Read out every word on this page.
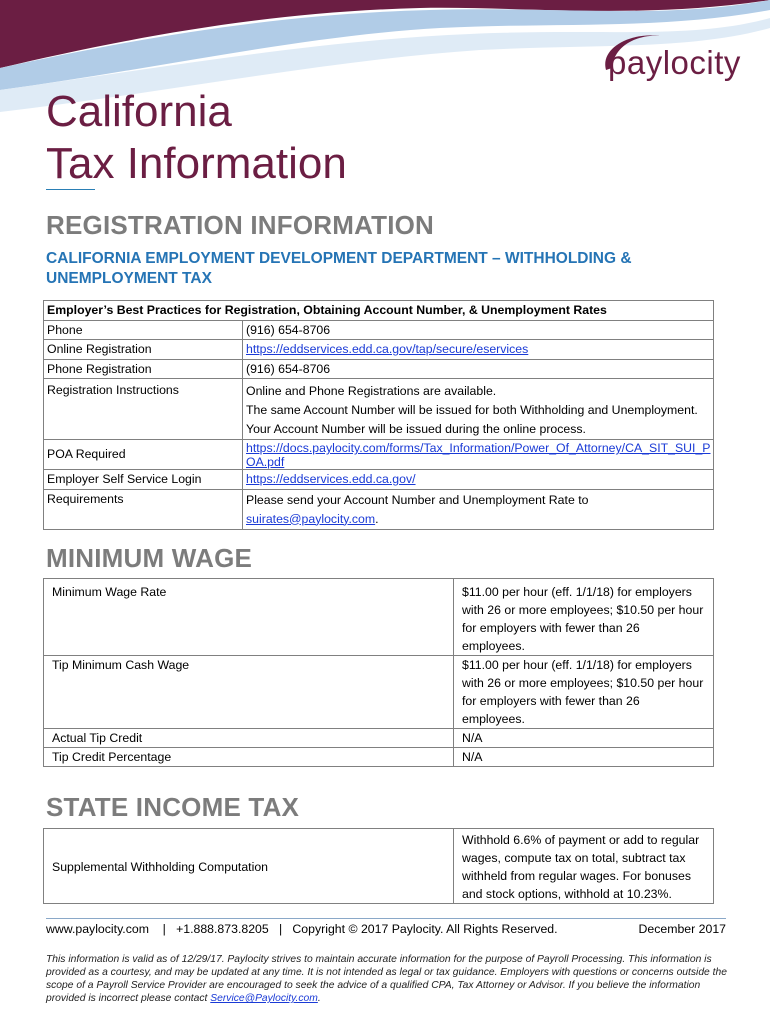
paylocity
California
Tax Information
REGISTRATION INFORMATION
CALIFORNIA EMPLOYMENT DEVELOPMENT DEPARTMENT – WITHHOLDING & UNEMPLOYMENT TAX
Employer’s Best Practices for Registration, Obtaining Account Number, & Unemployment Rates	
Phone	(916) 654-8706
Online Registration	https://eddservices.edd.ca.gov/tap/secure/eservices
Phone Registration	(916) 654-8706
Registration Instructions	Online and Phone Registrations are available.
The same Account Number will be issued for both Withholding and Unemployment.
Your Account Number will be issued during the online process.

POA Required	https://docs.paylocity.com/forms/Tax_Information/Power_Of_Attorney/CA_SIT_SUI_POA.pdf
Employer Self Service Login	https://eddservices.edd.ca.gov/
Requirements	Please send your Account Number and Unemployment Rate to
suirates@paylocity.com.
MINIMUM WAGE
Minimum Wage Rate	$11.00 per hour (eff. 1/1/18) for employers with 26 or more employees; $10.50 per hour for employers with fewer than 26 employees.
Tip Minimum Cash Wage	$11.00 per hour (eff. 1/1/18) for employers with 26 or more employees; $10.50 per hour for employers with fewer than 26 employees.
Actual Tip Credit	N/A
Tip Credit Percentage	N/A
STATE INCOME TAX
Supplemental Withholding Computation	Withhold 6.6% of payment or add to regular wages, compute tax on total, subtract tax withheld from regular wages. For bonuses and stock options, withhold at 10.23%.
www.paylocity.com    |   +1.888.873.8205   |   Copyright © 2017 Paylocity. All Rights Reserved.	December 2017
This information is valid as of 12/29/17. Paylocity strives to maintain accurate information for the purpose of Payroll Processing. This information is provided as a courtesy, and may be updated at any time. It is not intended as legal or tax guidance. Employers with questions or concerns outside the scope of a Payroll Service Provider are encouraged to seek the advice of a qualified CPA, Tax Attorney or Advisor. If you believe the information provided is incorrect please contact Service@Paylocity.com.
